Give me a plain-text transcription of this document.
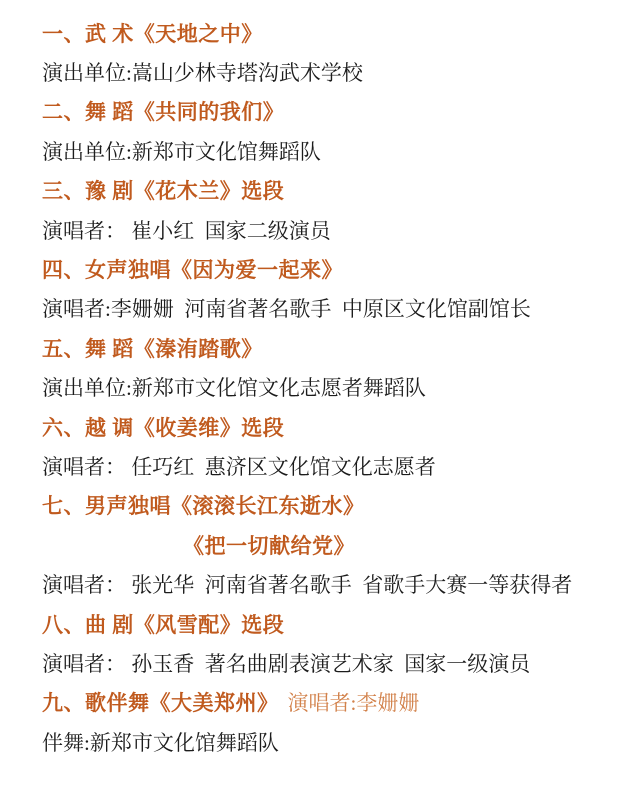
一、武 术《天地之中》
演出单位:嵩山少林寺塔沟武术学校
二、舞 蹈《共同的我们》
演出单位:新郑市文化馆舞蹈队
三、豫 剧《花木兰》选段
演唱者： 崔小红  国家二级演员
四、女声独唱《因为爱一起来》
演唱者:李姗姗  河南省著名歌手  中原区文化馆副馆长
五、舞 蹈《溱洧踏歌》
演出单位:新郑市文化馆文化志愿者舞蹈队
六、越 调《收姜维》选段
演唱者： 任巧红  惠济区文化馆文化志愿者
七、男声独唱《滚滚长江东逝水》
《把一切献给党》
演唱者： 张光华  河南省著名歌手  省歌手大赛一等获得者
八、曲 剧《风雪配》选段
演唱者： 孙玉香  著名曲剧表演艺术家  国家一级演员
九、歌伴舞《大美郑州》 演唱者:李姗姗
伴舞:新郑市文化馆舞蹈队
